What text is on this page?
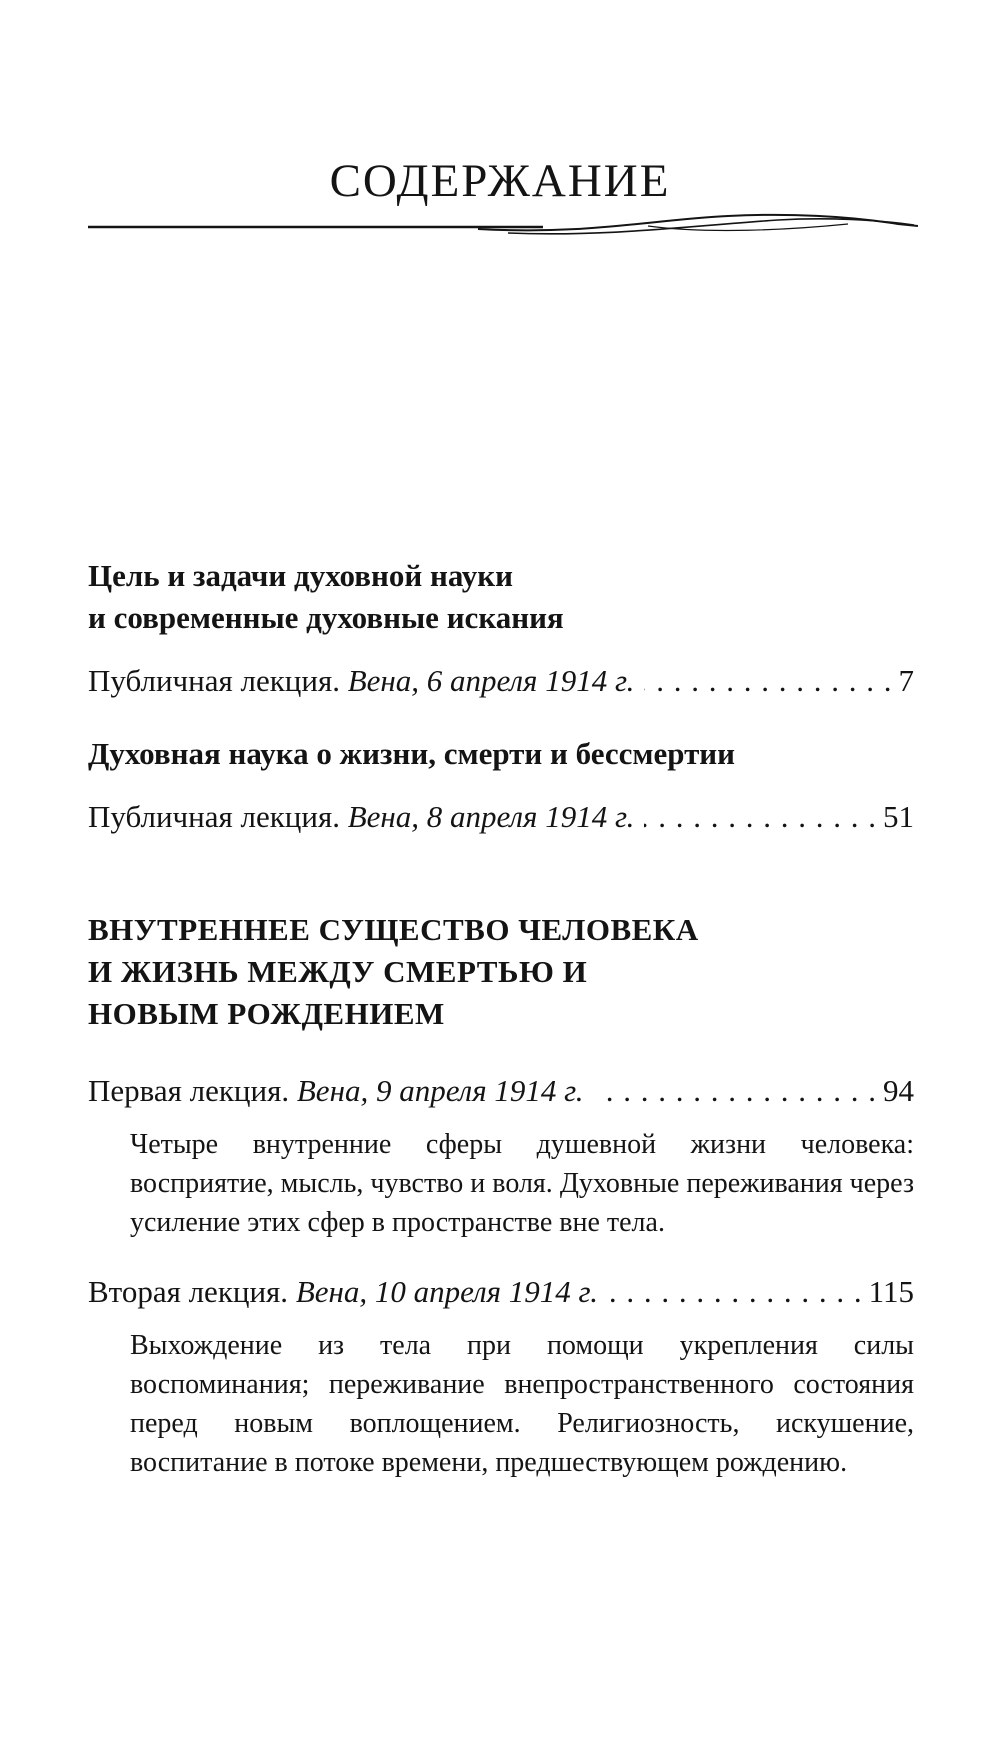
СОДЕРЖАНИЕ

Цель и задачи духовной науки
и современные духовные искания

Публичная лекция. Вена, 6 апреля 1914 г. . . .	7

Духовная наука о жизни, смерти и бессмертии

Публичная лекция. Вена, 8 апреля 1914 г. . . .	51

ВНУТРЕННЕЕ СУЩЕСТВО ЧЕЛОВЕКА
И ЖИЗНЬ МЕЖДУ СМЕРТЬЮ И
НОВЫМ РОЖДЕНИЕМ

Первая лекция. Вена, 9 апреля 1914 г. . . .	94

Четыре внутренние сферы душевной жизни человека: восприятие, мысль, чувство и воля. Духовные переживания через усиление этих сфер в пространстве вне тела.

Вторая лекция. Вена, 10 апреля 1914 г. . . .	115

Выхождение из тела при помощи укрепления силы воспоминания; переживание внепространственного состояния перед новым воплощением. Религиозность, искушение, воспитание в потоке времени, предшествующем рождению.
